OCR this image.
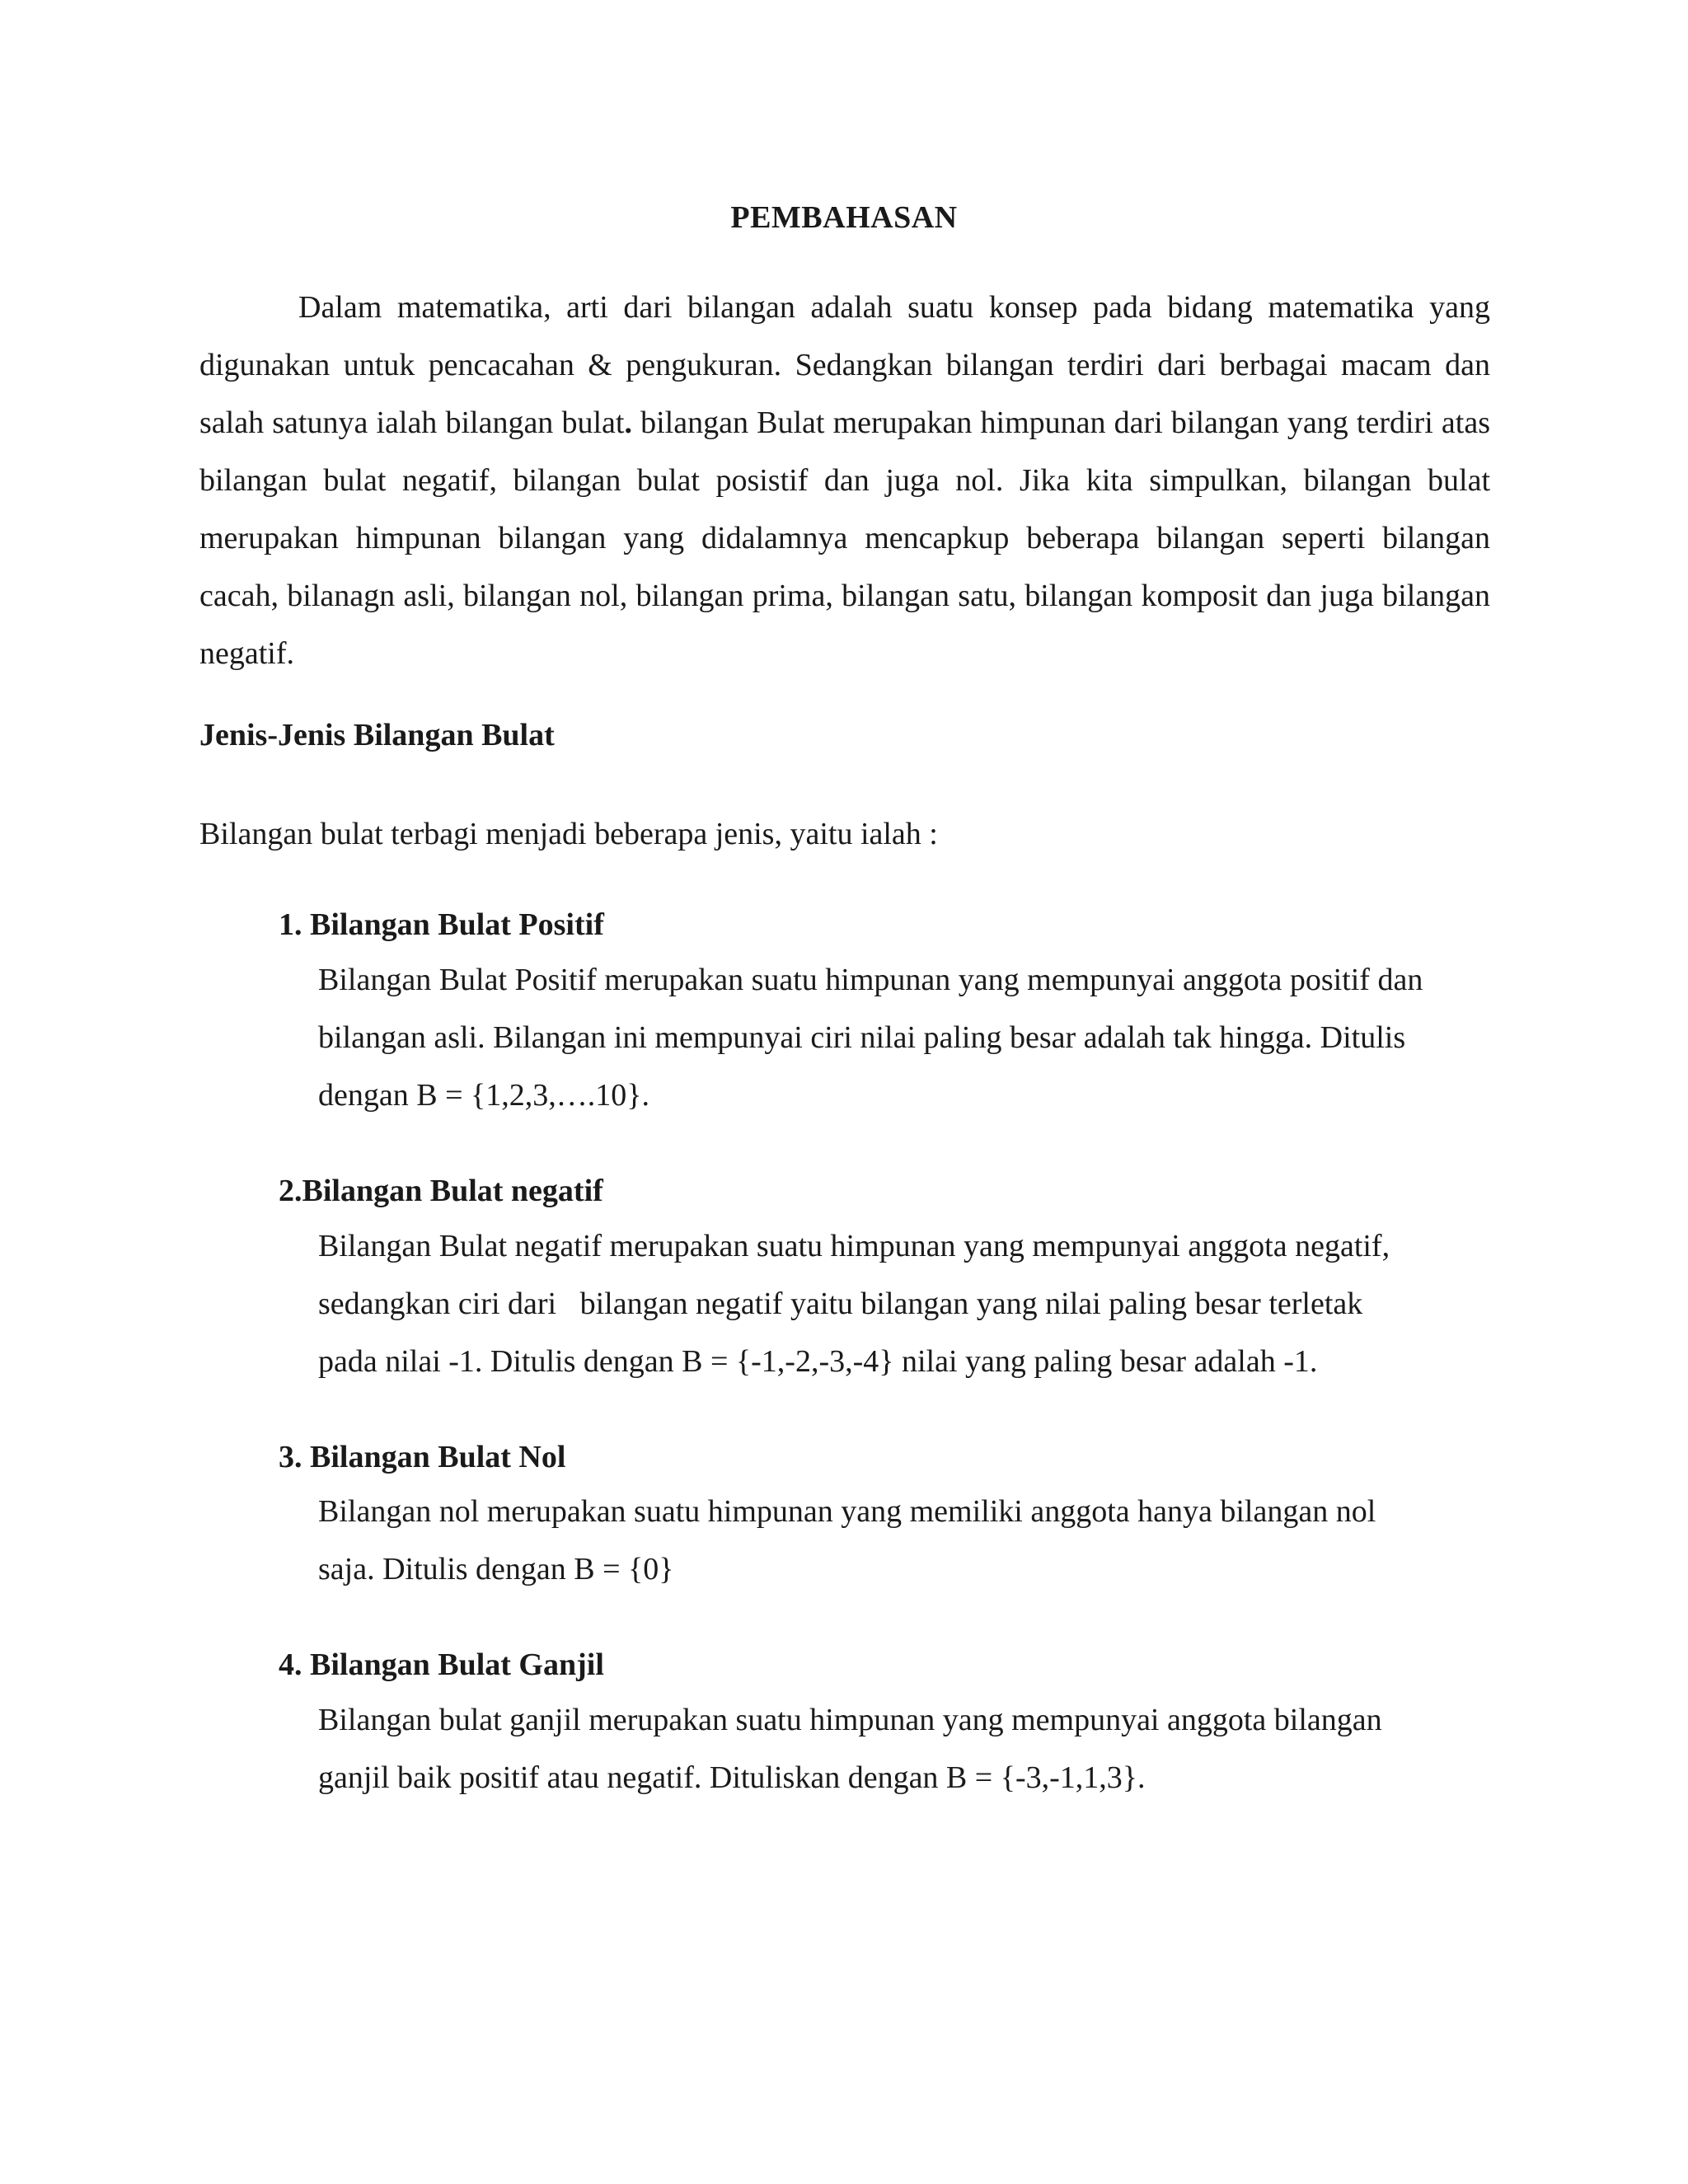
PEMBAHASAN

Dalam matematika, arti dari bilangan adalah suatu konsep pada bidang matematika yang digunakan untuk pencacahan & pengukuran. Sedangkan bilangan terdiri dari berbagai macam dan salah satunya ialah bilangan bulat. bilangan Bulat merupakan himpunan dari bilangan yang terdiri atas bilangan bulat negatif, bilangan bulat posistif dan juga nol. Jika kita simpulkan, bilangan bulat merupakan himpunan bilangan yang didalamnya mencapkup beberapa bilangan seperti bilangan cacah, bilanagn asli, bilangan nol, bilangan prima, bilangan satu, bilangan komposit dan juga bilangan negatif.

Jenis-Jenis Bilangan Bulat
Bilangan bulat terbagi menjadi beberapa jenis, yaitu ialah :
1. Bilangan Bulat Positif
Bilangan Bulat Positif merupakan suatu himpunan yang mempunyai anggota positif dan
bilangan asli. Bilangan ini mempunyai ciri nilai paling besar adalah tak hingga. Ditulis
dengan B = {1,2,3,….10}.
2.Bilangan Bulat negatif
Bilangan Bulat negatif merupakan suatu himpunan yang mempunyai anggota negatif,
sedangkan ciri dari   bilangan negatif yaitu bilangan yang nilai paling besar terletak
pada nilai -1. Ditulis dengan B = {-1,-2,-3,-4} nilai yang paling besar adalah -1.
3. Bilangan Bulat Nol
Bilangan nol merupakan suatu himpunan yang memiliki anggota hanya bilangan nol
saja. Ditulis dengan B = {0}
4. Bilangan Bulat Ganjil
Bilangan bulat ganjil merupakan suatu himpunan yang mempunyai anggota bilangan
ganjil baik positif atau negatif. Dituliskan dengan B = {-3,-1,1,3}.
